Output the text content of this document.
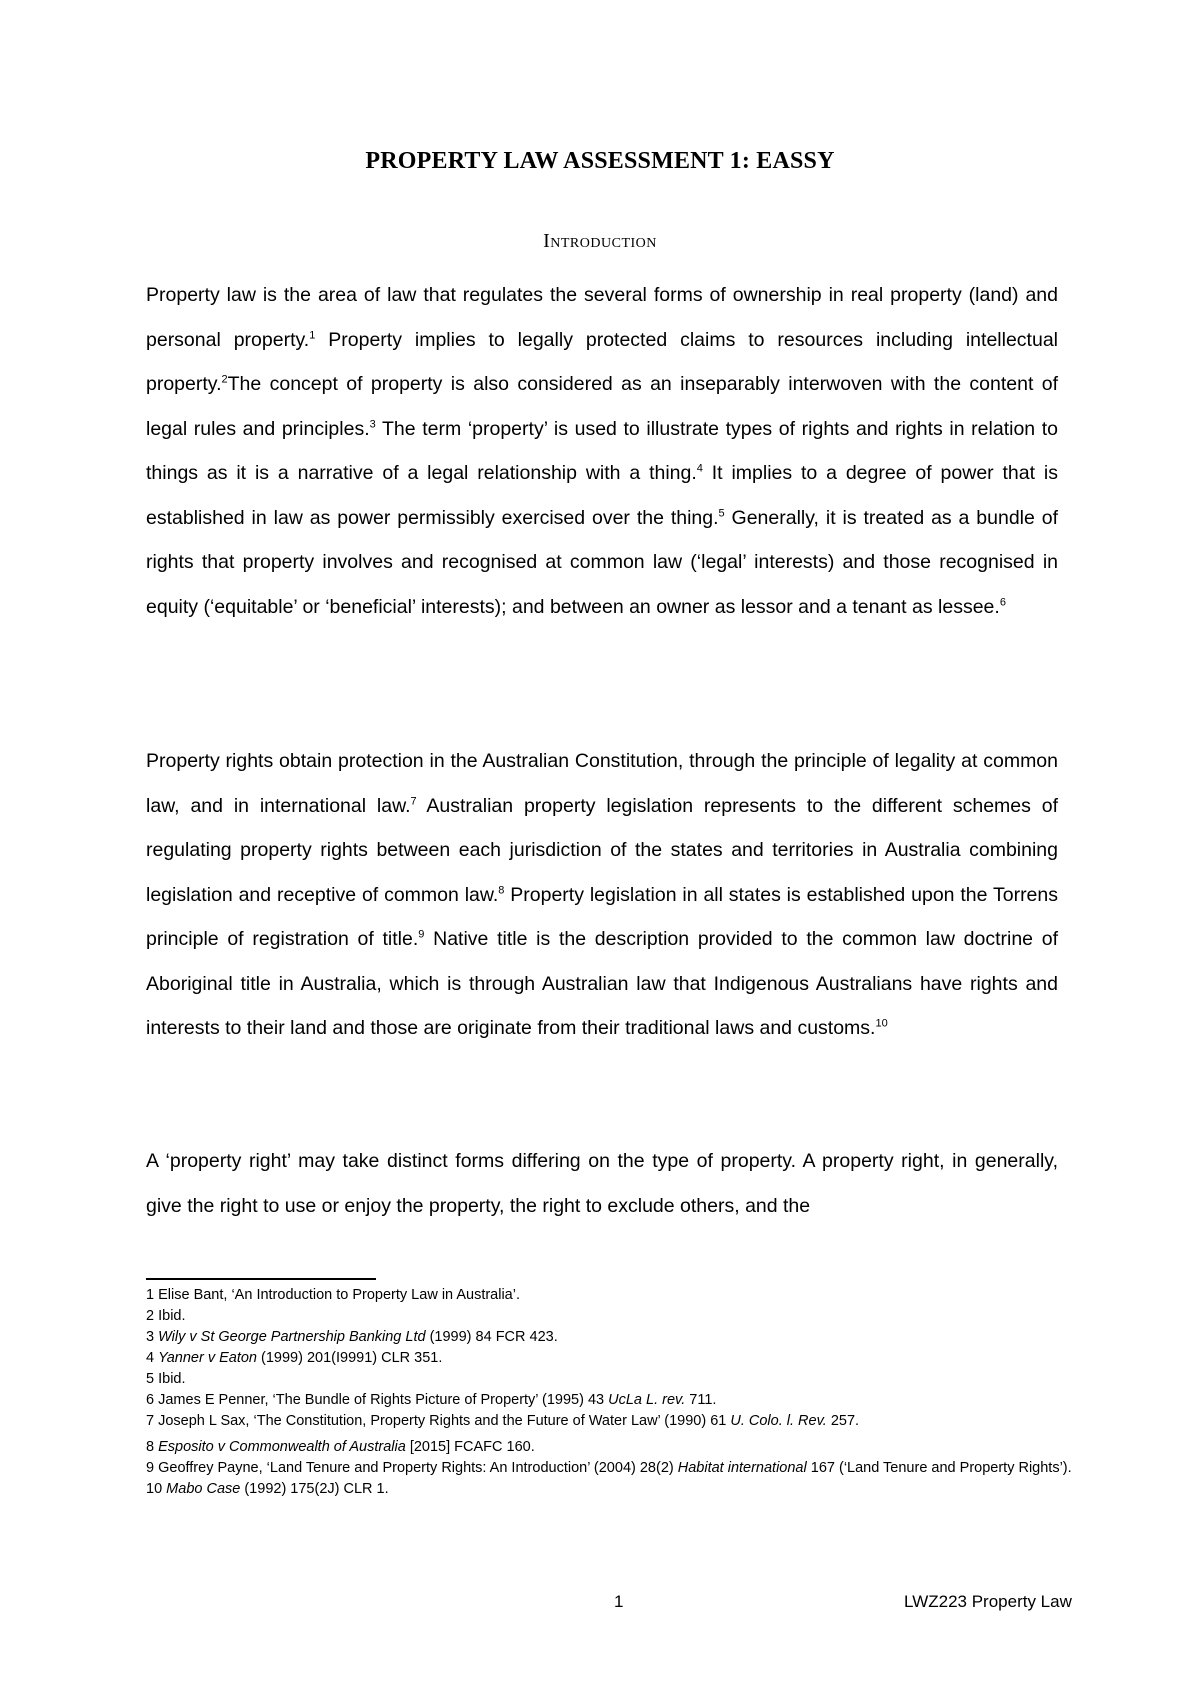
PROPERTY LAW ASSESSMENT 1: EASSY
Introduction

Property law is the area of law that regulates the several forms of ownership in real property (land) and personal property.$^1$ Property implies to legally protected claims to resources including intellectual property.$^2$The concept of property is also considered as an inseparably interwoven with the content of legal rules and principles.$^3$ The term ‘property’ is used to illustrate types of rights and rights in relation to things as it is a narrative of a legal relationship with a thing.$^4$ It implies to a degree of power that is established in law as power permissibly exercised over the thing.$^5$ Generally, it is treated as a bundle of rights that property involves and recognised at common law (‘legal’ interests) and those recognised in equity (‘equitable’ or ‘beneficial’ interests); and between an owner as lessor and a tenant as lessee.$^6$

Property rights obtain protection in the Australian Constitution, through the principle of legality at common law, and in international law.$^7$ Australian property legislation represents to the different schemes of regulating property rights between each jurisdiction of the states and territories in Australia combining legislation and receptive of common law.$^8$ Property legislation in all states is established upon the Torrens principle of registration of title.$^9$ Native title is the description provided to the common law doctrine of Aboriginal title in Australia, which is through Australian law that Indigenous Australians have rights and interests to their land and those are originate from their traditional laws and customs.$^{10}$

A ‘property right’ may take distinct forms differing on the type of property. A property right, in generally, give the right to use or enjoy the property, the right to exclude others, and the

1 Elise Bant, ‘An Introduction to Property Law in Australia’.

2 Ibid.

3 Wily v St George Partnership Banking Ltd (1999) 84 FCR 423.

4 Yanner v Eaton (1999) 201(I9991) CLR 351.

5 Ibid.

6 James E Penner, ‘The Bundle of Rights Picture of Property’ (1995) 43 UcLa L. rev. 711.

7 Joseph L Sax, ‘The Constitution, Property Rights and the Future of Water Law’ (1990) 61 U. Colo. l. Rev. 257.

8 Esposito v Commonwealth of Australia [2015] FCAFC 160.

9 Geoffrey Payne, ‘Land Tenure and Property Rights: An Introduction’ (2004) 28(2) Habitat international 167 (‘Land Tenure and Property Rights’).

10 Mabo Case (1992) 175(2J) CLR 1.

1	LWZ223 Property Law
